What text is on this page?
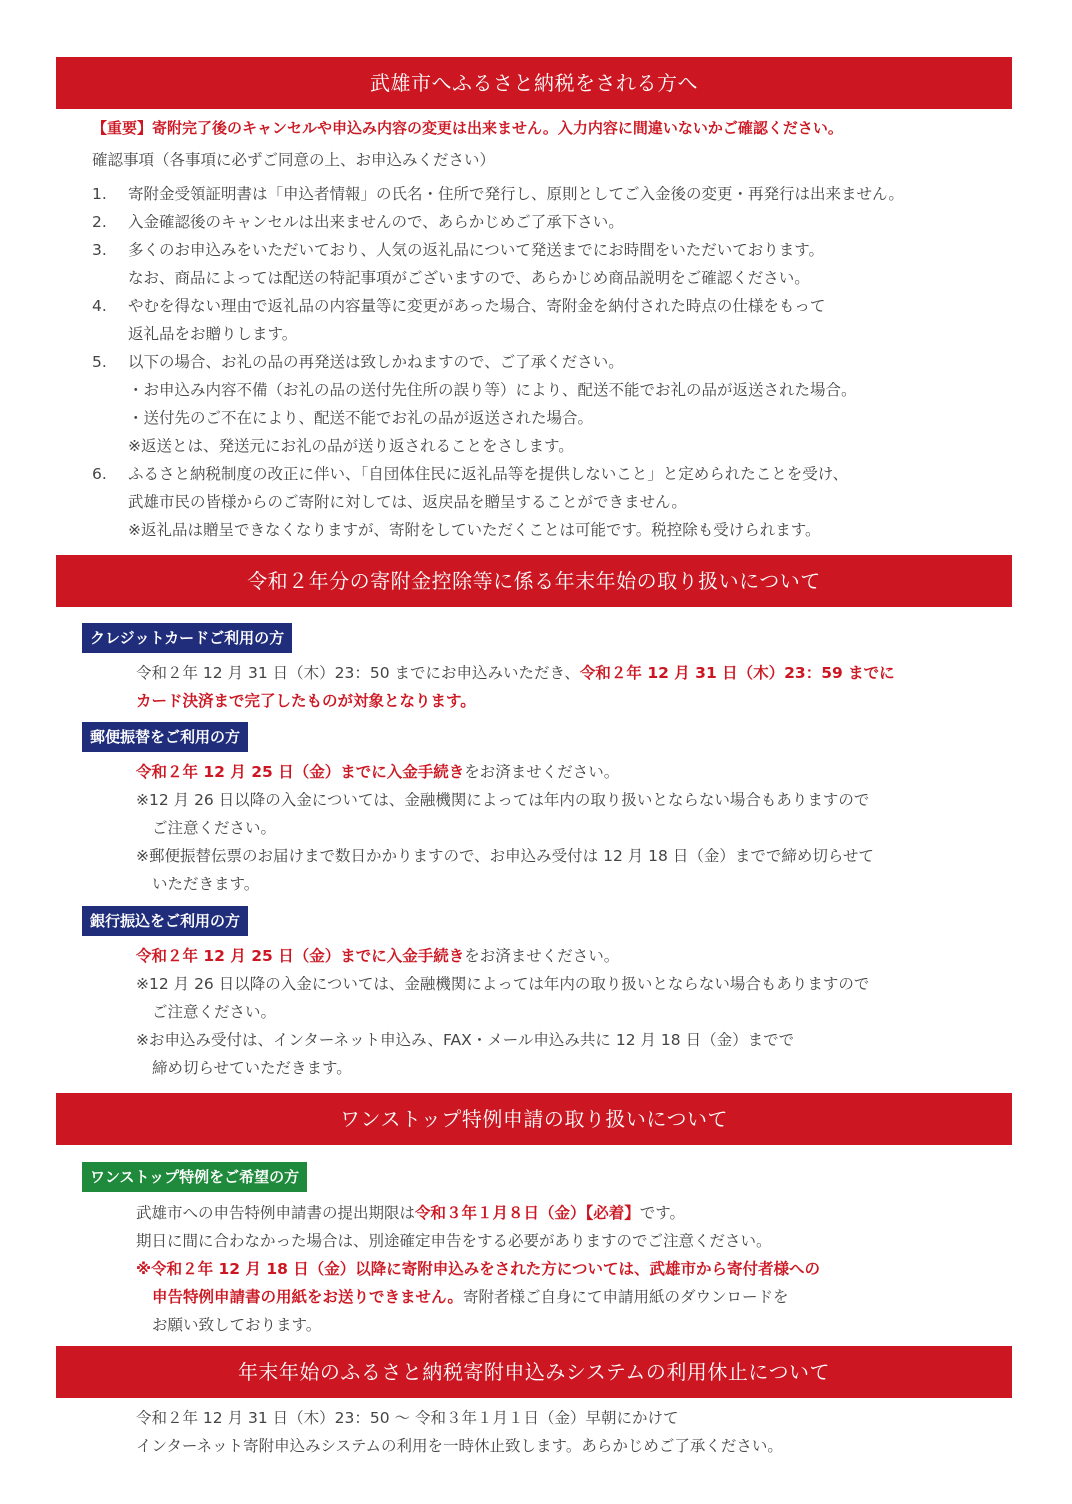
武雄市へふるさと納税をされる方へ
【重要】寄附完了後のキャンセルや申込み内容の変更は出来ません。入力内容に間違いないかご確認ください。
確認事項（各事項に必ずご同意の上、お申込みください）
1. 寄附金受領証明書は「申込者情報」の氏名・住所で発行し、原則としてご入金後の変更・再発行は出来ません。
2. 入金確認後のキャンセルは出来ませんので、あらかじめご了承下さい。
3. 多くのお申込みをいただいており、人気の返礼品について発送までにお時間をいただいております。
なお、商品によっては配送の特記事項がございますので、あらかじめ商品説明をご確認ください。
4. やむを得ない理由で返礼品の内容量等に変更があった場合、寄附金を納付された時点の仕様をもって
返礼品をお贈りします。
5. 以下の場合、お礼の品の再発送は致しかねますので、ご了承ください。
・お申込み内容不備（お礼の品の送付先住所の誤り等）により、配送不能でお礼の品が返送された場合。
・送付先のご不在により、配送不能でお礼の品が返送された場合。
※返送とは、発送元にお礼の品が送り返されることをさします。
6. ふるさと納税制度の改正に伴い、「自団体住民に返礼品等を提供しないこと」と定められたことを受け、
武雄市民の皆様からのご寄附に対しては、返戻品を贈呈することができません。
※返礼品は贈呈できなくなりますが、寄附をしていただくことは可能です。税控除も受けられます。
令和２年分の寄附金控除等に係る年末年始の取り扱いについて
クレジットカードご利用の方
令和２年 12 月 31 日（木）23：50 までにお申込みいただき、令和２年 12 月 31 日（木）23：59 までに
カード決済まで完了したものが対象となります。
郵便振替をご利用の方
令和２年 12 月 25 日（金）までに入金手続きをお済ませください。
※12 月 26 日以降の入金については、金融機関によっては年内の取り扱いとならない場合もありますので
ご注意ください。
※郵便振替伝票のお届けまで数日かかりますので、お申込み受付は 12 月 18 日（金）までで締め切らせて
いただきます。
銀行振込をご利用の方
令和２年 12 月 25 日（金）までに入金手続きをお済ませください。
※12 月 26 日以降の入金については、金融機関によっては年内の取り扱いとならない場合もありますので
ご注意ください。
※お申込み受付は、インターネット申込み、FAX・メール申込み共に 12 月 18 日（金）までで
締め切らせていただきます。
ワンストップ特例申請の取り扱いについて
ワンストップ特例をご希望の方
武雄市への申告特例申請書の提出期限は令和３年１月８日（金）【必着】です。
期日に間に合わなかった場合は、別途確定申告をする必要がありますのでご注意ください。
※令和２年 12 月 18 日（金）以降に寄附申込みをされた方については、武雄市から寄付者様への
申告特例申請書の用紙をお送りできません。寄附者様ご自身にて申請用紙のダウンロードを
お願い致しております。
年末年始のふるさと納税寄附申込みシステムの利用休止について
令和２年 12 月 31 日（木）23：50 〜 令和３年１月１日（金）早朝にかけて
インターネット寄附申込みシステムの利用を一時休止致します。あらかじめご了承ください。
